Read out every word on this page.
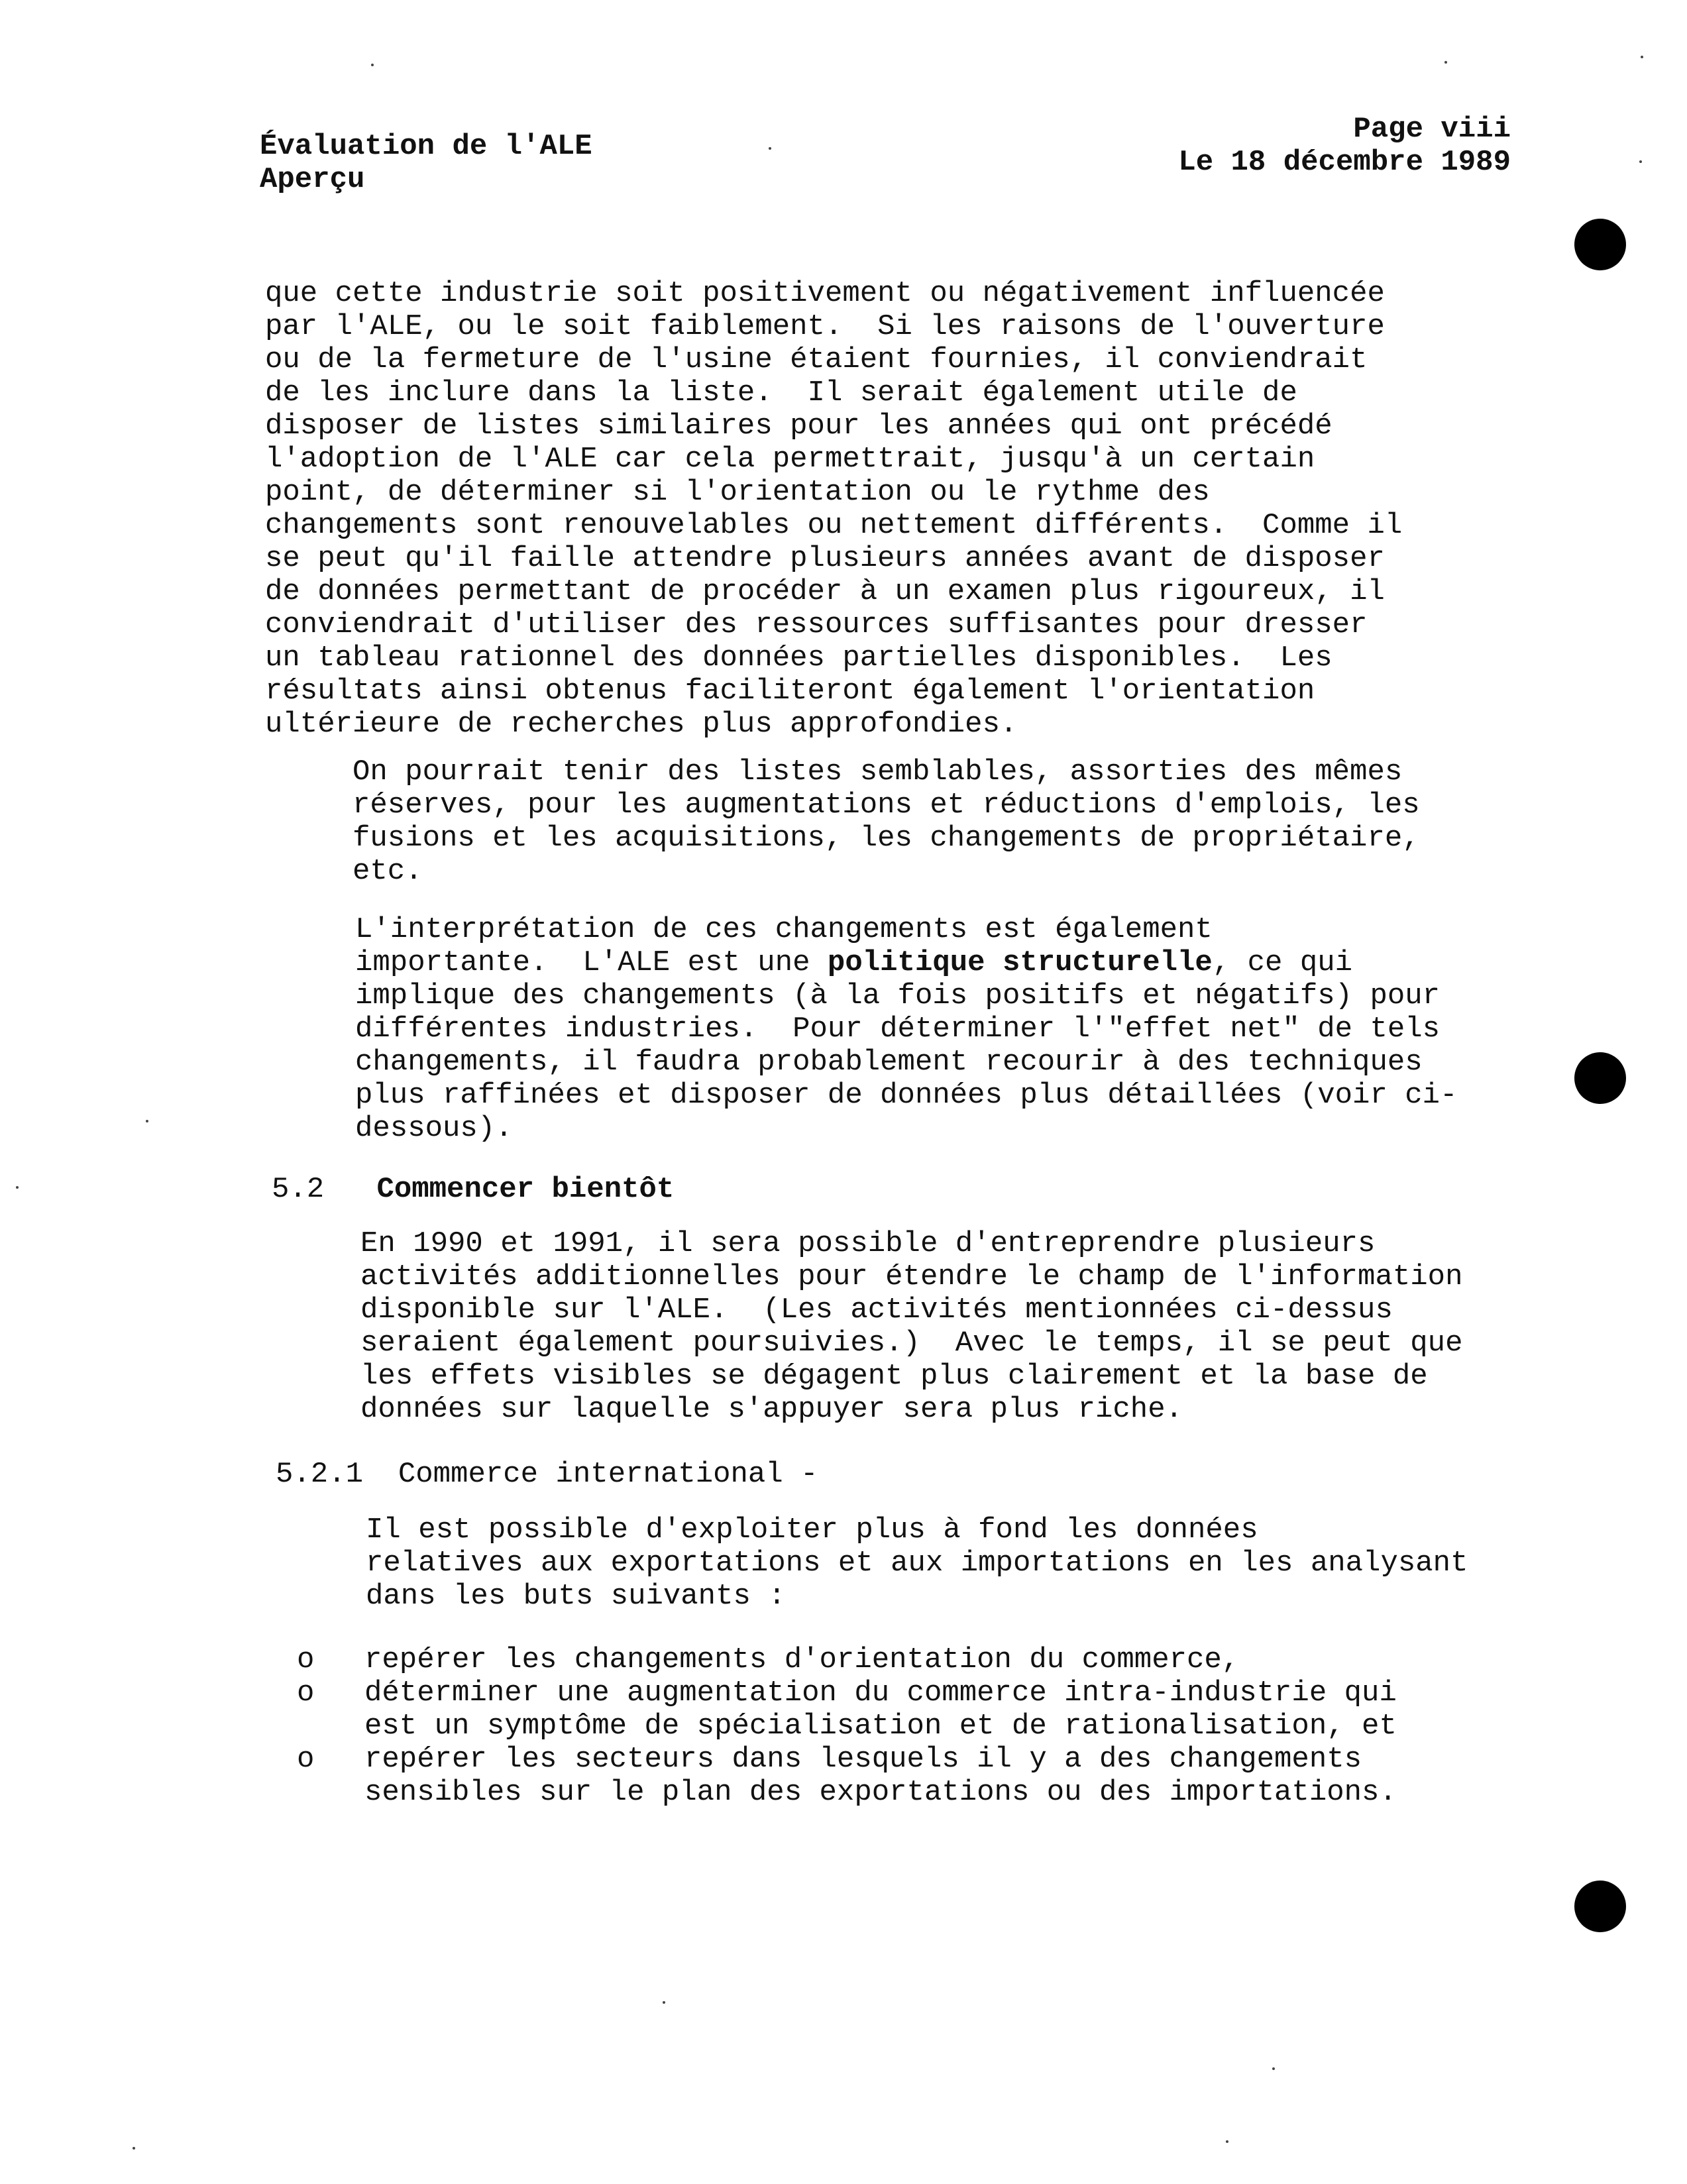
Évaluation de l'ALE
Aperçu
Page viii
Le 18 décembre 1989

que cette industrie soit positivement ou négativement influencée
par l'ALE, ou le soit faiblement.  Si les raisons de l'ouverture
ou de la fermeture de l'usine étaient fournies, il conviendrait
de les inclure dans la liste.  Il serait également utile de
disposer de listes similaires pour les années qui ont précédé
l'adoption de l'ALE car cela permettrait, jusqu'à un certain
point, de déterminer si l'orientation ou le rythme des
changements sont renouvelables ou nettement différents.  Comme il
se peut qu'il faille attendre plusieurs années avant de disposer
de données permettant de procéder à un examen plus rigoureux, il
conviendrait d'utiliser des ressources suffisantes pour dresser
un tableau rationnel des données partielles disponibles.  Les
résultats ainsi obtenus faciliteront également l'orientation
ultérieure de recherches plus approfondies.

On pourrait tenir des listes semblables, assorties des mêmes
réserves, pour les augmentations et réductions d'emplois, les
fusions et les acquisitions, les changements de propriétaire,
etc.

L'interprétation de ces changements est également
importante.  L'ALE est une politique structurelle, ce qui
implique des changements (à la fois positifs et négatifs) pour
différentes industries.  Pour déterminer l'"effet net" de tels
changements, il faudra probablement recourir à des techniques
plus raffinées et disposer de données plus détaillées (voir ci-
dessous).

5.2 Commencer bientôt

En 1990 et 1991, il sera possible d'entreprendre plusieurs
activités additionnelles pour étendre le champ de l'information
disponible sur l'ALE.  (Les activités mentionnées ci-dessus
seraient également poursuivies.)  Avec le temps, il se peut que
les effets visibles se dégagent plus clairement et la base de
données sur laquelle s'appuyer sera plus riche.

5.2.1 Commerce international -

Il est possible d'exploiter plus à fond les données
relatives aux exportations et aux importations en les analysant
dans les buts suivants :

o repérer les changements d'orientation du commerce,
o déterminer une augmentation du commerce intra-industrie qui
est un symptôme de spécialisation et de rationalisation, et
o repérer les secteurs dans lesquels il y a des changements
sensibles sur le plan des exportations ou des importations.
